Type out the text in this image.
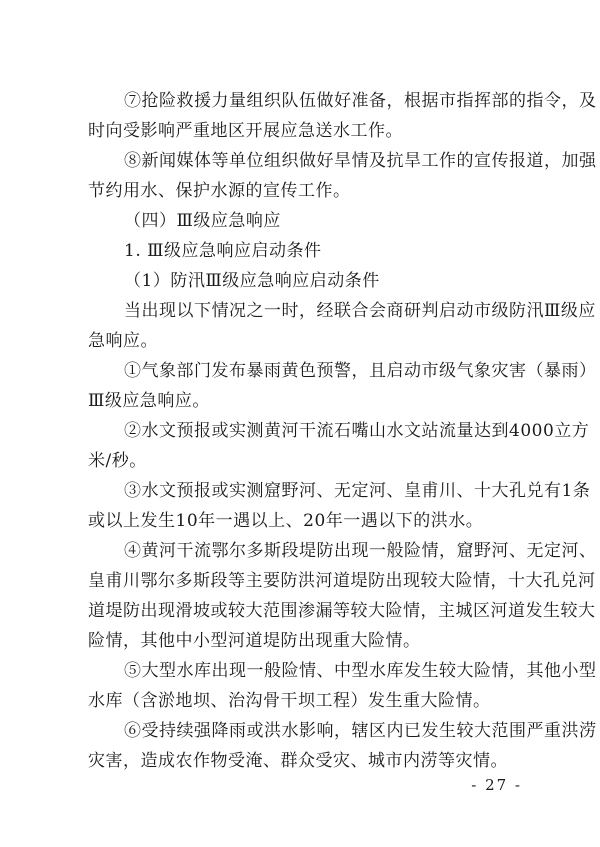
⑦抢险救援力量组织队伍做好准备，根据市指挥部的指令，及
时向受影响严重地区开展应急送水工作。

⑧新闻媒体等单位组织做好旱情及抗旱工作的宣传报道，加强
节约用水、保护水源的宣传工作。

（四）Ⅲ级应急响应

1. Ⅲ级应急响应启动条件

（1）防汛Ⅲ级应急响应启动条件

当出现以下情况之一时，经联合会商研判启动市级防汛Ⅲ级应
急响应。

①气象部门发布暴雨黄色预警，且启动市级气象灾害（暴雨）
Ⅲ级应急响应。

②水文预报或实测黄河干流石嘴山水文站流量达到4000立方
米/秒。

③水文预报或实测窟野河、无定河、皇甫川、十大孔兑有1条
或以上发生10年一遇以上、20年一遇以下的洪水。

④黄河干流鄂尔多斯段堤防出现一般险情，窟野河、无定河、
皇甫川鄂尔多斯段等主要防洪河道堤防出现较大险情，十大孔兑河
道堤防出现滑坡或较大范围渗漏等较大险情，主城区河道发生较大
险情，其他中小型河道堤防出现重大险情。

⑤大型水库出现一般险情、中型水库发生较大险情，其他小型
水库（含淤地坝、治沟骨干坝工程）发生重大险情。

⑥受持续强降雨或洪水影响，辖区内已发生较大范围严重洪涝
灾害，造成农作物受淹、群众受灾、城市内涝等灾情。

- 27 -
